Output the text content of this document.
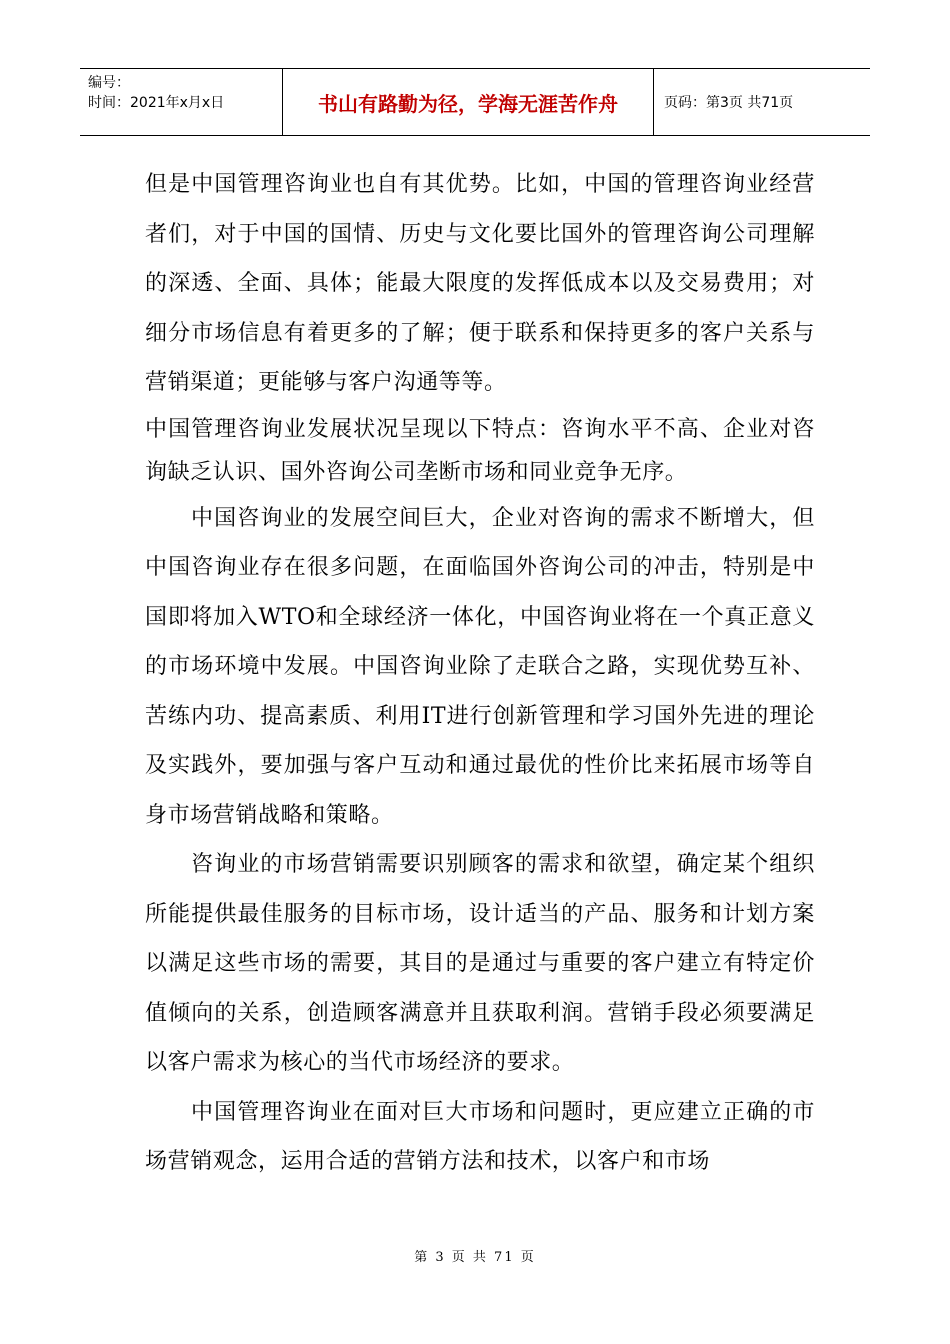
编号：
时间：2021年x月x日	书山有路勤为径，学海无涯苦作舟	页码：第3页 共71页

但是中国管理咨询业也自有其优势。比如，中国的管理咨询业经营者们，对于中国的国情、历史与文化要比国外的管理咨询公司理解的深透、全面、具体；能最大限度的发挥低成本以及交易费用；对细分市场信息有着更多的了解；便于联系和保持更多的客户关系与营销渠道；更能够与客户沟通等等。

中国管理咨询业发展状况呈现以下特点：咨询水平不高、企业对咨询缺乏认识、国外咨询公司垄断市场和同业竞争无序。

中国咨询业的发展空间巨大，企业对咨询的需求不断增大，但中国咨询业存在很多问题，在面临国外咨询公司的冲击，特别是中国即将加入WTO和全球经济一体化，中国咨询业将在一个真正意义的市场环境中发展。中国咨询业除了走联合之路，实现优势互补、苦练内功、提高素质、利用IT进行创新管理和学习国外先进的理论及实践外，要加强与客户互动和通过最优的性价比来拓展市场等自身市场营销战略和策略。

咨询业的市场营销需要识别顾客的需求和欲望，确定某个组织所能提供最佳服务的目标市场，设计适当的产品、服务和计划方案以满足这些市场的需要，其目的是通过与重要的客户建立有特定价值倾向的关系，创造顾客满意并且获取利润。营销手段必须要满足以客户需求为核心的当代市场经济的要求。

中国管理咨询业在面对巨大市场和问题时，更应建立正确的市场营销观念，运用合适的营销方法和技术，以客户和市场

第 3 页 共 71 页
